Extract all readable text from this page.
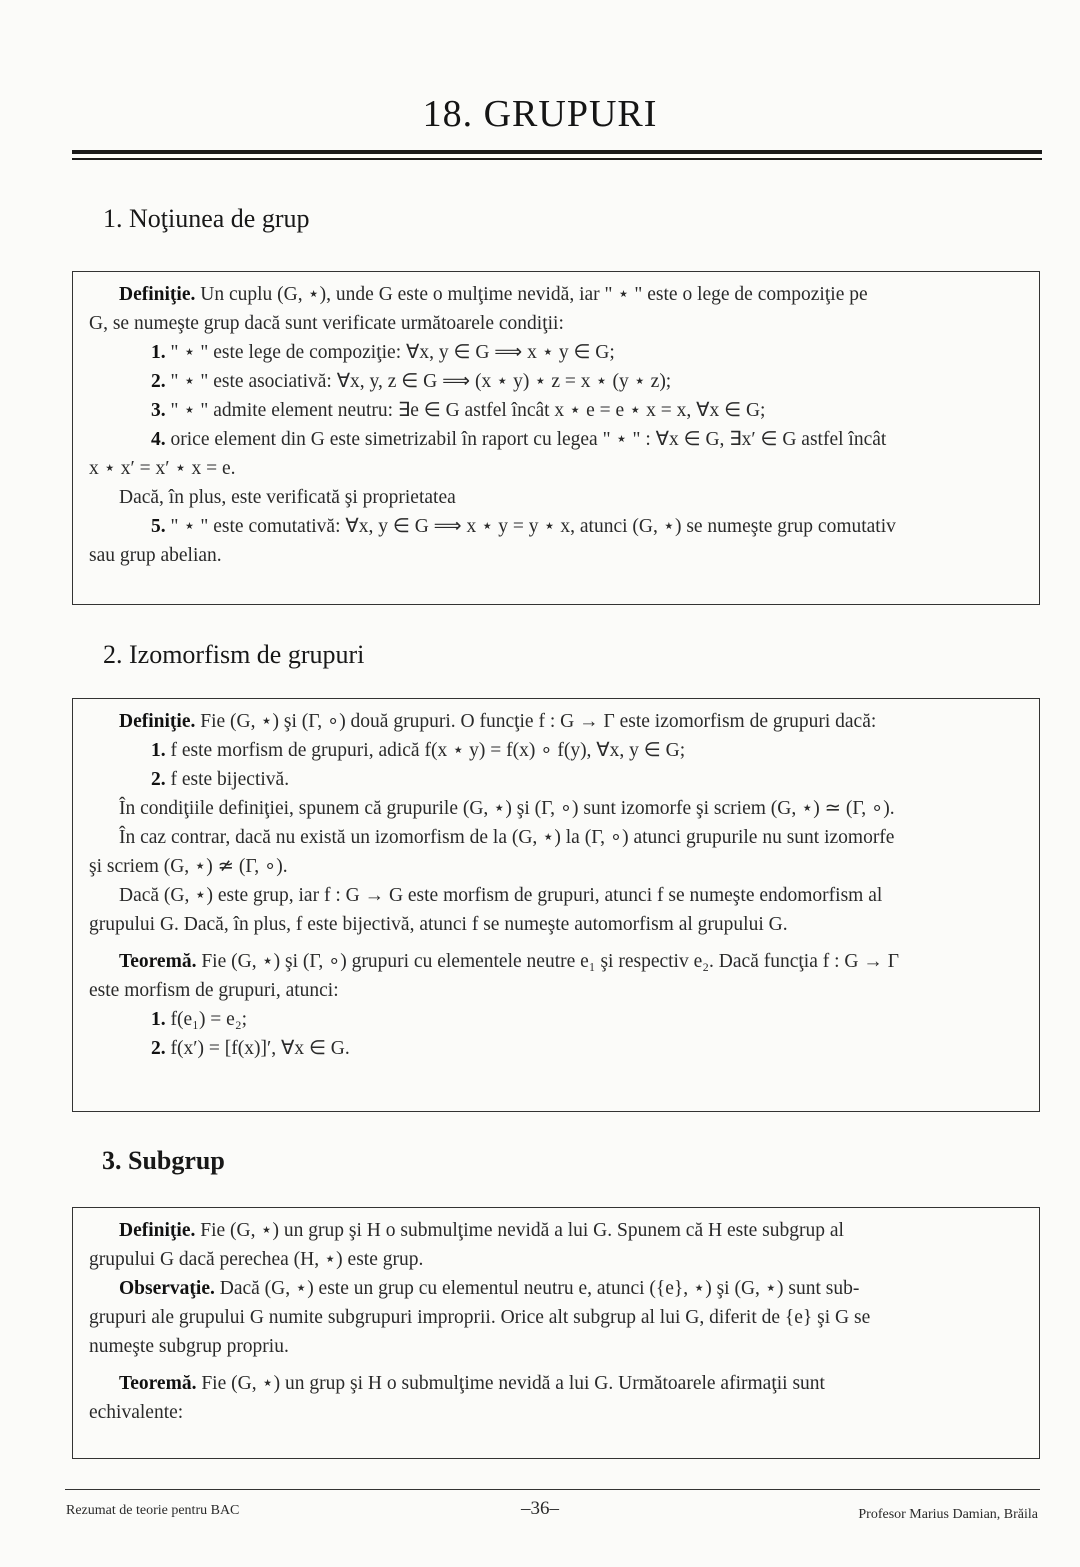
18. GRUPURI
1. Noţiunea de grup
Definiţie. Un cuplu (G, ⋆), unde G este o mulţime nevidă, iar " ⋆ " este o lege de compoziţie pe
G, se numeşte grup dacă sunt verificate următoarele condiţii:
1. " ⋆ " este lege de compoziţie: ∀x, y ∈ G ⟹ x ⋆ y ∈ G;
2. " ⋆ " este asociativă: ∀x, y, z ∈ G ⟹ (x ⋆ y) ⋆ z = x ⋆ (y ⋆ z);
3. " ⋆ " admite element neutru: ∃e ∈ G astfel încât x ⋆ e = e ⋆ x = x, ∀x ∈ G;
4. orice element din G este simetrizabil în raport cu legea " ⋆ " : ∀x ∈ G, ∃x′ ∈ G astfel încât
x ⋆ x′ = x′ ⋆ x = e.
Dacă, în plus, este verificată şi proprietatea
5. " ⋆ " este comutativă: ∀x, y ∈ G ⟹ x ⋆ y = y ⋆ x, atunci (G, ⋆) se numeşte grup comutativ
sau grup abelian.
2. Izomorfism de grupuri
Definiţie. Fie (G, ⋆) şi (Γ, ∘) două grupuri. O funcţie f : G → Γ este izomorfism de grupuri dacă:
1. f este morfism de grupuri, adică f(x ⋆ y) = f(x) ∘ f(y), ∀x, y ∈ G;
2. f este bijectivă.
În condiţiile definiţiei, spunem că grupurile (G, ⋆) şi (Γ, ∘) sunt izomorfe şi scriem (G, ⋆) ≃ (Γ, ∘).
În caz contrar, dacă nu există un izomorfism de la (G, ⋆) la (Γ, ∘) atunci grupurile nu sunt izomorfe
şi scriem (G, ⋆) ≄ (Γ, ∘).
Dacă (G, ⋆) este grup, iar f : G → G este morfism de grupuri, atunci f se numeşte endomorfism al
grupului G. Dacă, în plus, f este bijectivă, atunci f se numeşte automorfism al grupului G.
Teoremă. Fie (G, ⋆) şi (Γ, ∘) grupuri cu elementele neutre e₁ şi respectiv e₂. Dacă funcţia f : G → Γ
este morfism de grupuri, atunci:
1. f(e₁) = e₂;
2. f(x′) = [f(x)]′, ∀x ∈ G.
3. Subgrup
Definiţie. Fie (G, ⋆) un grup şi H o submulţime nevidă a lui G. Spunem că H este subgrup al
grupului G dacă perechea (H, ⋆) este grup.
Observaţie. Dacă (G, ⋆) este un grup cu elementul neutru e, atunci ({e}, ⋆) şi (G, ⋆) sunt sub-
grupuri ale grupului G numite subgrupuri improprii. Orice alt subgrup al lui G, diferit de {e} şi G se
numeşte subgrup propriu.
Teoremă. Fie (G, ⋆) un grup şi H o submulţime nevidă a lui G. Următoarele afirmaţii sunt
echivalente:
Rezumat de teorie pentru BAC	–36–	Profesor Marius Damian, Brăila
